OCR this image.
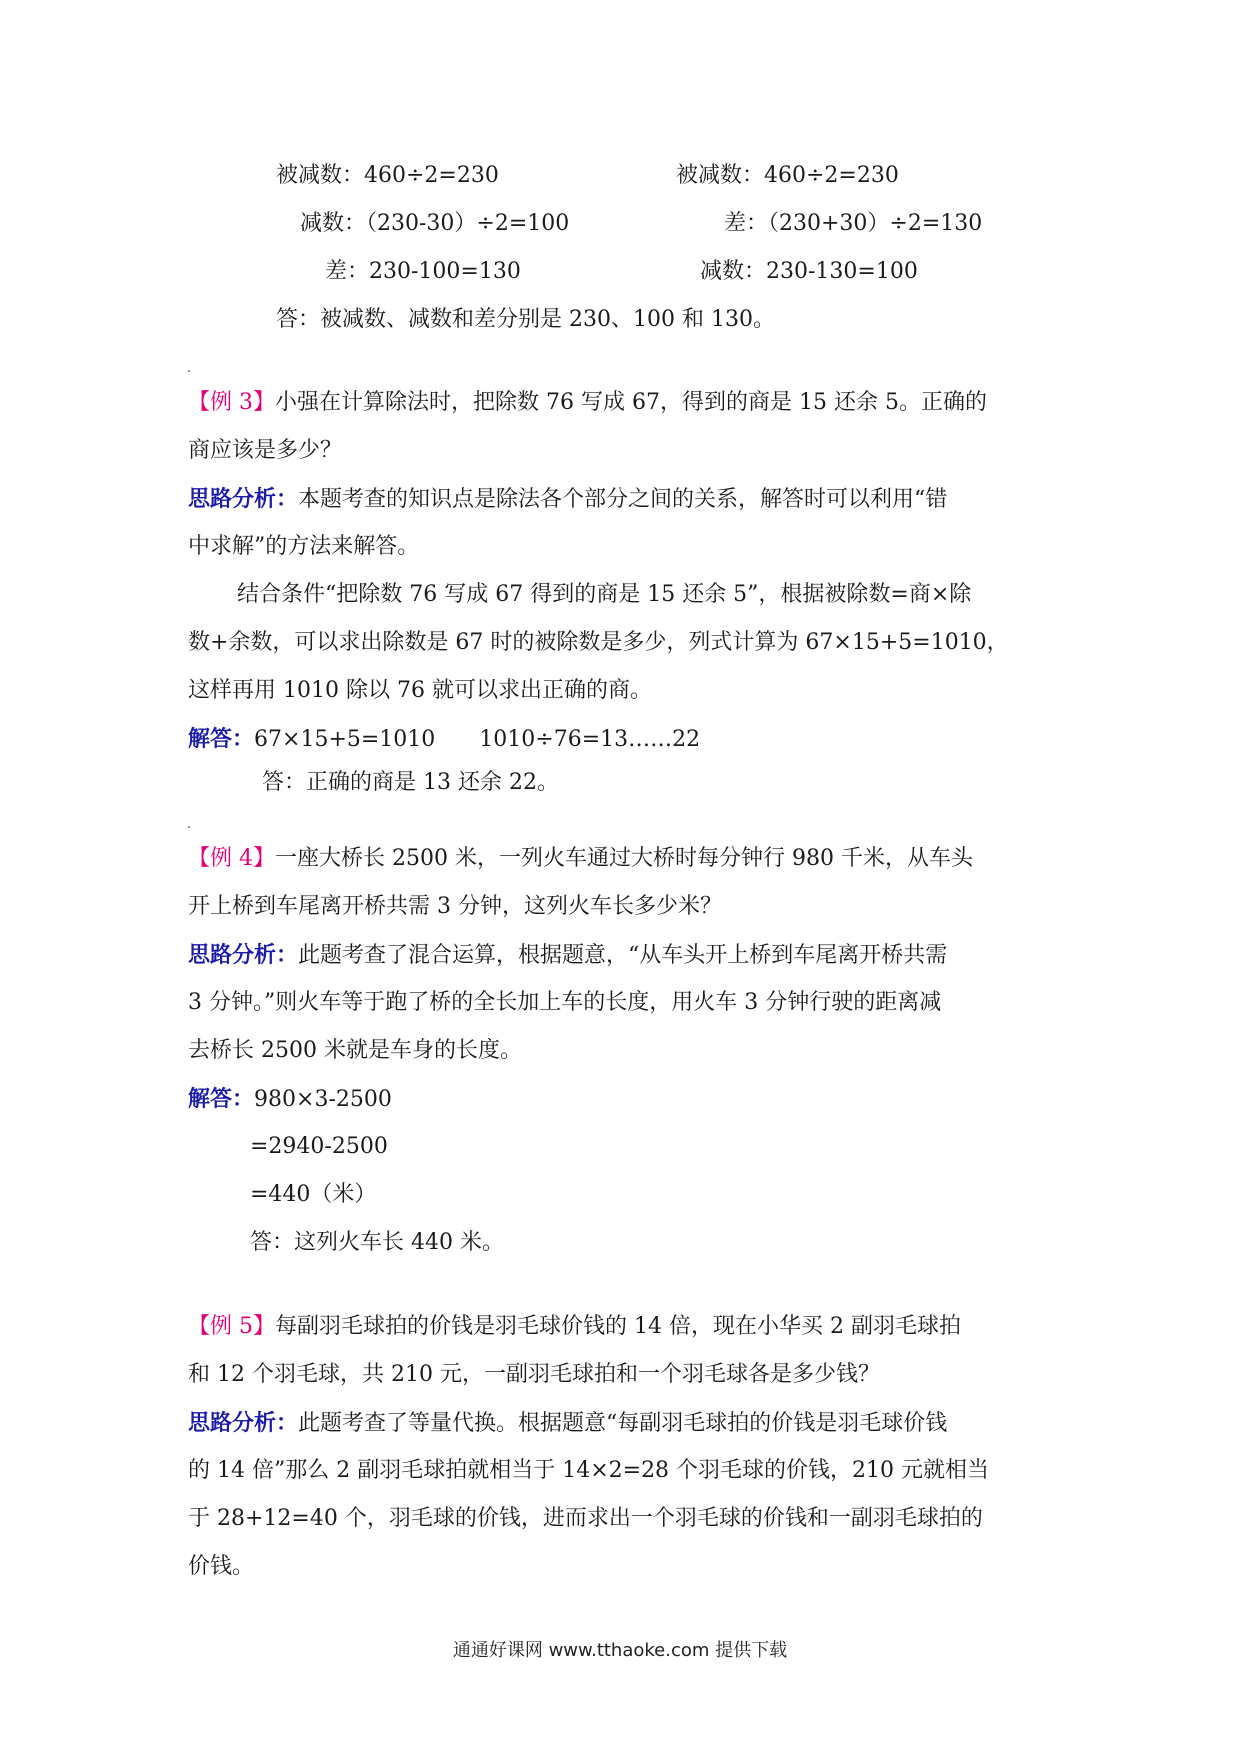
被减数：460÷2=230	被减数：460÷2=230
减数：（230-30）÷2=100	差：（230+30）÷2=130
差：230-100=130	减数：230-130=100
答：被减数、减数和差分别是 230、100 和 130。
【例 3】小强在计算除法时，把除数 76 写成 67，得到的商是 15 还余 5。正确的
商应该是多少？
思路分析：本题考查的知识点是除法各个部分之间的关系，解答时可以利用“错
中求解”的方法来解答。
结合条件“把除数 76 写成 67 得到的商是 15 还余 5”，根据被除数=商×除
数+余数，可以求出除数是 67 时的被除数是多少，列式计算为 67×15+5=1010，
这样再用 1010 除以 76 就可以求出正确的商。
解答：67×15+5=1010　　1010÷76=13……22
答：正确的商是 13 还余 22。
【例 4】一座大桥长 2500 米，一列火车通过大桥时每分钟行 980 千米，从车头
开上桥到车尾离开桥共需 3 分钟，这列火车长多少米？
思路分析：此题考查了混合运算，根据题意，“从车头开上桥到车尾离开桥共需
3 分钟。”则火车等于跑了桥的全长加上车的长度，用火车 3 分钟行驶的距离减
去桥长 2500 米就是车身的长度。
解答：980×3-2500
=2940-2500
=440（米）
答：这列火车长 440 米。
【例 5】每副羽毛球拍的价钱是羽毛球价钱的 14 倍，现在小华买 2 副羽毛球拍
和 12 个羽毛球，共 210 元，一副羽毛球拍和一个羽毛球各是多少钱？
思路分析：此题考查了等量代换。根据题意“每副羽毛球拍的价钱是羽毛球价钱
的 14 倍”那么 2 副羽毛球拍就相当于 14×2=28 个羽毛球的价钱，210 元就相当
于 28+12=40 个，羽毛球的价钱，进而求出一个羽毛球的价钱和一副羽毛球拍的
价钱。
通通好课网 www.tthaoke.com 提供下载
